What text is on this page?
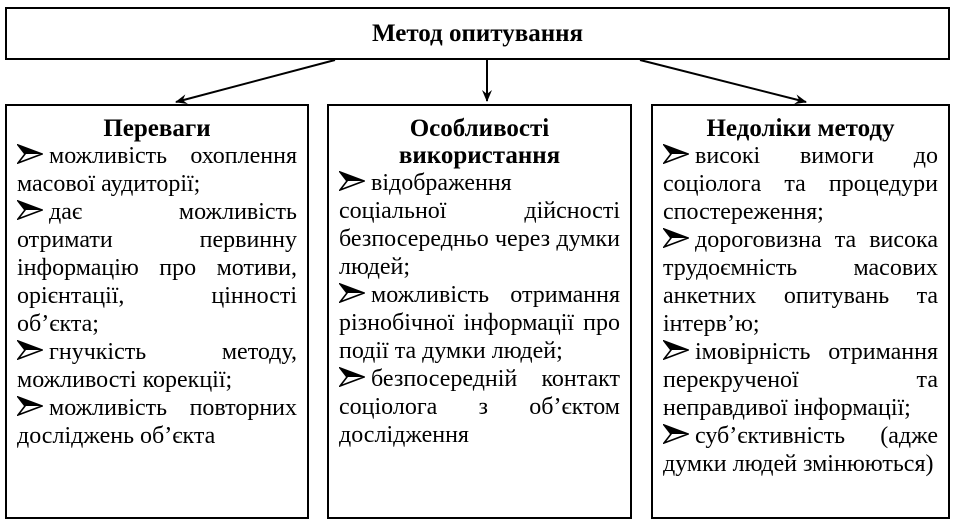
Метод опитування
Переваги
можливість охоплення масової аудиторії;
дає можливість отримати первинну інформацію про мотиви, орієнтації, цінності об’єкта;
гнучкість методу, можливості корекції;
можливість повторних досліджень об’єкта
Особливості використання
відображення соціальної дійсності безпосередньо через думки людей;
можливість отримання різнобічної інформації про події та думки людей;
безпосередній контакт соціолога з об’єктом дослідження
Недоліки методу
високі вимоги до соціолога та процедури спостереження;
дороговизна та висока трудоємність масових анкетних опитувань та інтерв’ю;
імовірність отримання перекрученої та неправдивої інформації;
суб’єктивність (адже думки людей змінюються)
